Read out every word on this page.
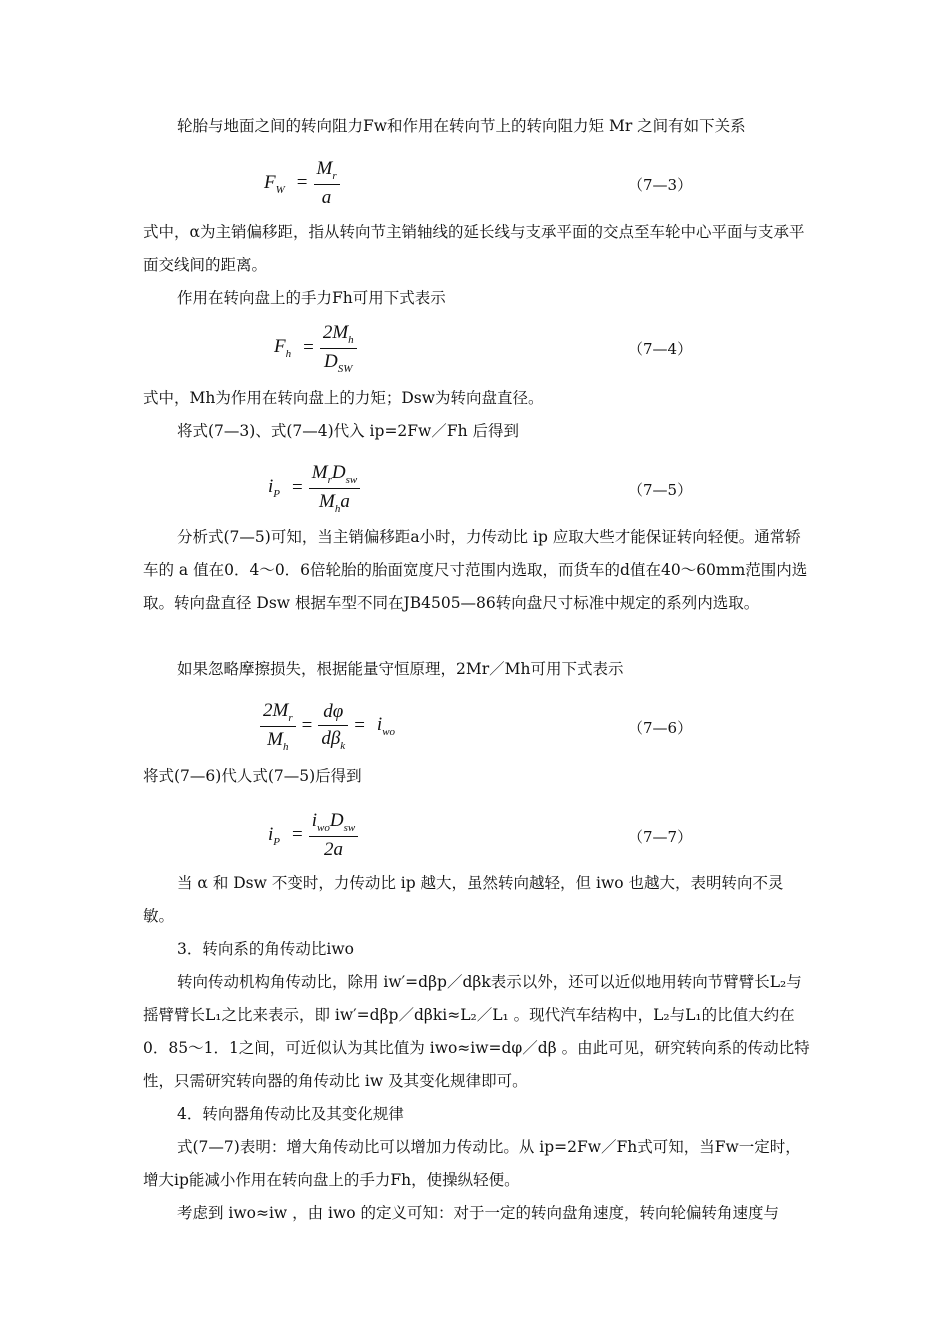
轮胎与地面之间的转向阻力Fw和作用在转向节上的转向阻力矩 Mr 之间有如下关系

$F_W = \frac{M_r}{a}$	（7—3）

式中，α为主销偏移距，指从转向节主销轴线的延长线与支承平面的交点至车轮中心平面与支承平面交线间的距离。

作用在转向盘上的手力Fh可用下式表示

$F_h = \frac{2M_h}{D_{SW}}$	（7—4）

式中，Mh为作用在转向盘上的力矩；Dsw为转向盘直径。

将式(7—3)、式(7—4)代入 ip=2Fw／Fh 后得到

$i_P = \frac{M_rD_{sw}}{M_ha}$	（7—5）

分析式(7—5)可知，当主销偏移距a小时，力传动比 ip 应取大些才能保证转向轻便。通常轿车的 a 值在0．4～0．6倍轮胎的胎面宽度尺寸范围内选取，而货车的d值在40～60mm范围内选取。转向盘直径 Dsw 根据车型不同在JB4505—86转向盘尺寸标准中规定的系列内选取。

如果忽略摩擦损失，根据能量守恒原理，2Mr／Mh可用下式表示

$\frac{2M_r}{M_h} = \frac{d\varphi}{d\beta_k} = i_{wo}$	（7—6）

将式(7—6)代人式(7—5)后得到

$i_P = \frac{i_{wo}D_{sw}}{2a}$	（7—7）

当 α 和 Dsw 不变时，力传动比 ip 越大，虽然转向越轻，但 iwo 也越大，表明转向不灵敏。

3．转向系的角传动比iwo

转向传动机构角传动比，除用 iw′=dβp／dβk表示以外，还可以近似地用转向节臂臂长L₂与摇臂臂长L₁之比来表示，即 iw′=dβp／dβki≈L₂／L₁ 。现代汽车结构中，L₂与L₁的比值大约在0．85～1．1之间，可近似认为其比值为 iwo≈iw=dφ／dβ 。由此可见，研究转向系的传动比特性，只需研究转向器的角传动比 iw 及其变化规律即可。

4．转向器角传动比及其变化规律

式(7—7)表明：增大角传动比可以增加力传动比。从 ip=2Fw／Fh式可知，当Fw一定时，增大ip能减小作用在转向盘上的手力Fh，使操纵轻便。

考虑到 iwo≈iw ，由 iwo 的定义可知：对于一定的转向盘角速度，转向轮偏转角速度与
